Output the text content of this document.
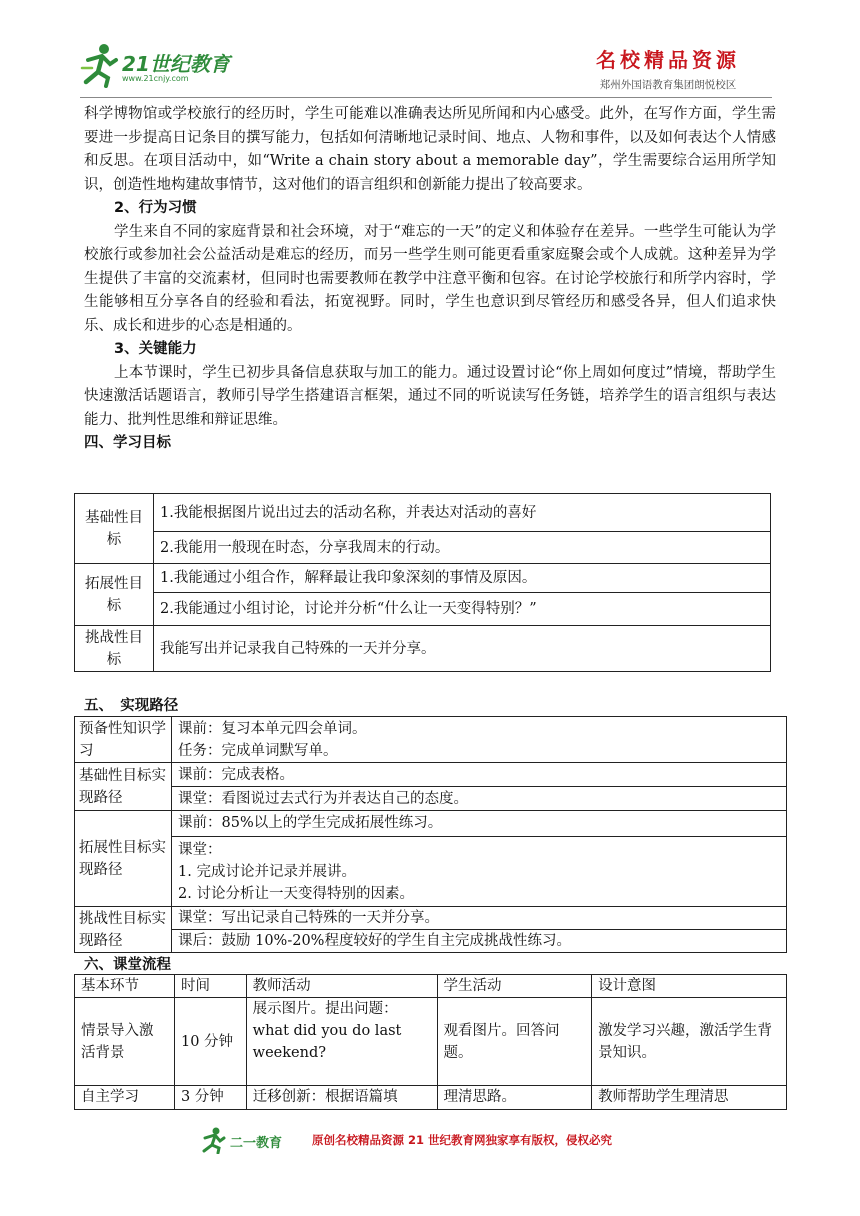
21世纪教育
www.21cnjy.com
名校精品资源
郑州外国语教育集团朗悦校区

科学博物馆或学校旅行的经历时，学生可能难以准确表达所见所闻和内心感受。此外，在写作方面，学生需要进一步提高日记条目的撰写能力，包括如何清晰地记录时间、地点、人物和事件，以及如何表达个人情感和反思。在项目活动中，如“Write a chain story about a memorable day”，学生需要综合运用所学知识，创造性地构建故事情节，这对他们的语言组织和创新能力提出了较高要求。

2、行为习惯

学生来自不同的家庭背景和社会环境，对于“难忘的一天”的定义和体验存在差异。一些学生可能认为学校旅行或参加社会公益活动是难忘的经历，而另一些学生则可能更看重家庭聚会或个人成就。这种差异为学生提供了丰富的交流素材，但同时也需要教师在教学中注意平衡和包容。在讨论学校旅行和所学内容时，学生能够相互分享各自的经验和看法，拓宽视野。同时，学生也意识到尽管经历和感受各异，但人们追求快乐、成长和进步的心态是相通的。

3、关键能力

上本节课时，学生已初步具备信息获取与加工的能力。通过设置讨论“你上周如何度过”情境，帮助学生快速激活话题语言，教师引导学生搭建语言框架，通过不同的听说读写任务链，培养学生的语言组织与表达能力、批判性思维和辩证思维。

四、学习目标

基础性目标	1.我能根据图片说出过去的活动名称，并表达对活动的喜好
	2.我能用一般现在时态，分享我周末的行动。
拓展性目标	1.我能通过小组合作，解释最让我印象深刻的事情及原因。
	2.我能通过小组讨论，讨论并分析“什么让一天变得特别？”
挑战性目标	我能写出并记录我自己特殊的一天并分享。
五、　实现路径
预备性知识学习	课前：复习本单元四会单词。
任务：完成单词默写单。

基础性目标实现路径	课前：完成表格。
	课堂：看图说过去式行为并表达自己的态度。
拓展性目标实现路径	课前：85%以上的学生完成拓展性练习。
课堂：
1. 完成讨论并记录并展讲。
2. 讨论分析让一天变得特别的因素。

挑战性目标实现路径	课堂：写出记录自己特殊的一天并分享。
	课后：鼓励 10%-20%程度较好的学生自主完成挑战性练习。
六、课堂流程
基本环节	时间	教师活动	学生活动	设计意图
情景导入激活背景	10 分钟	展示图片。提出问题：what did you do last weekend?	观看图片。回答问题。	激发学习兴趣，激活学生背景知识。
自主学习	3 分钟	迁移创新：根据语篇填	理清思路。	教师帮助学生理清思
二一教育	原创名校精品资源 21 世纪教育网独家享有版权，侵权必究
